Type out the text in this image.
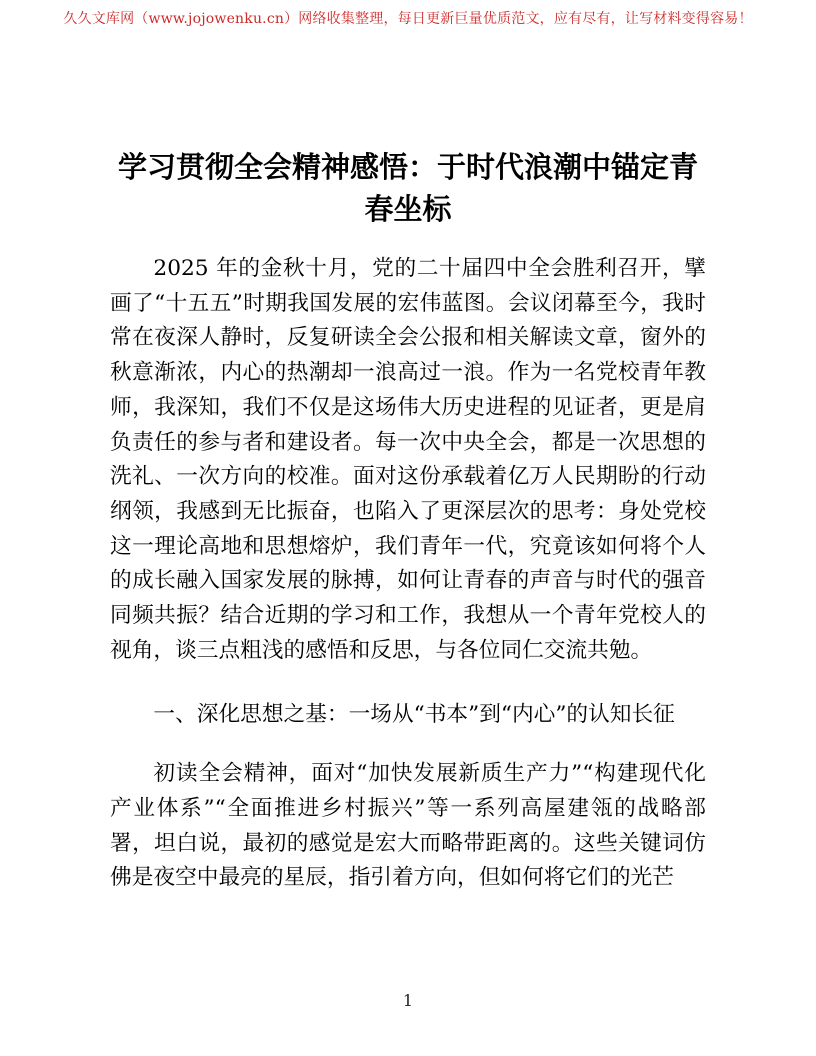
久久文库网（www.jojowenku.cn）网络收集整理，每日更新巨量优质范文，应有尽有，让写材料变得容易！
学习贯彻全会精神感悟：于时代浪潮中锚定青春坐标

2025 年的金秋十月，党的二十届四中全会胜利召开，擘画了“十五五”时期我国发展的宏伟蓝图。会议闭幕至今，我时常在夜深人静时，反复研读全会公报和相关解读文章，窗外的秋意渐浓，内心的热潮却一浪高过一浪。作为一名党校青年教师，我深知，我们不仅是这场伟大历史进程的见证者，更是肩负责任的参与者和建设者。每一次中央全会，都是一次思想的洗礼、一次方向的校准。面对这份承载着亿万人民期盼的行动纲领，我感到无比振奋，也陷入了更深层次的思考：身处党校这一理论高地和思想熔炉，我们青年一代，究竟该如何将个人的成长融入国家发展的脉搏，如何让青春的声音与时代的强音同频共振？结合近期的学习和工作，我想从一个青年党校人的视角，谈三点粗浅的感悟和反思，与各位同仁交流共勉。

一、深化思想之基：一场从“书本”到“内心”的认知长征

初读全会精神，面对“加快发展新质生产力”“构建现代化产业体系”“全面推进乡村振兴”等一系列高屋建瓴的战略部署，坦白说，最初的感觉是宏大而略带距离的。这些关键词仿佛是夜空中最亮的星辰，指引着方向，但如何将它们的光芒

1
